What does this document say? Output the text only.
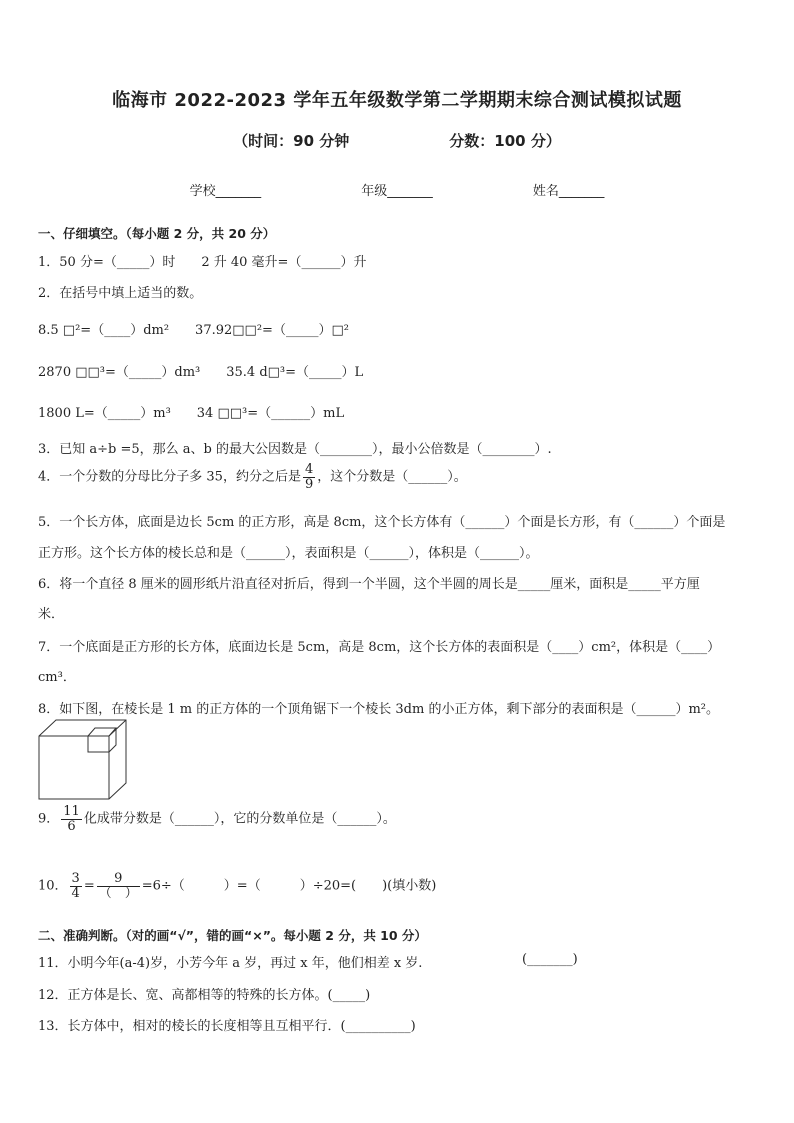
临海市 2022-2023 学年五年级数学第二学期期末综合测试模拟试题
（时间：90 分钟	分数：100 分）
学校_______	年级_______	姓名_______
一、仔细填空。（每小题 2 分，共 20 分）
1．50 分=（_____）时　　2 升 40 毫升=（______）升
2．在括号中填上适当的数。
8.5 □²=（____）dm²　　37.92□□²=（_____）□²
2870 □□³=（_____）dm³　　35.4 d□³=（_____）L
1800 L=（_____）m³　　34 □□³=（______）mL
3．已知 a÷b =5，那么 a、b 的最大公因数是（________），最小公倍数是（________）.
4．一个分数的分母比分子多 35，约分之后是 $\frac{4}{9}$ ，这个分数是（______）。
5．一个长方体，底面是边长 5cm 的正方形，高是 8cm，这个长方体有（______）个面是长方形，有（______）个面是
正方形。这个长方体的棱长总和是（______），表面积是（______），体积是（______）。
6．将一个直径 8 厘米的圆形纸片沿直径对折后，得到一个半圆，这个半圆的周长是_____厘米，面积是_____平方厘
米．
7．一个底面是正方形的长方体，底面边长是 5cm，高是 8cm，这个长方体的表面积是（____）cm²，体积是（____）
cm³．
8．如下图，在棱长是 1 m 的正方体的一个顶角锯下一个棱长 3dm 的小正方体，剩下部分的表面积是（______）m²。
9． $\frac{11}{6}$ 化成带分数是（______），它的分数单位是（______）。
10． $\frac{3}{4} = \frac{9}{( )} =6\div$（　　　）=（　　　）÷20=(　　)(填小数)
二、准确判断。（对的画“√”，错的画“×”。每小题 2 分，共 10 分）
11．小明今年(a-4)岁，小芳今年 a 岁，再过 x 年，他们相差 x 岁.	(_______)
12．正方体是长、宽、高都相等的特殊的长方体。(_____)
13．长方体中，相对的棱长的长度相等且互相平行．(__________)
